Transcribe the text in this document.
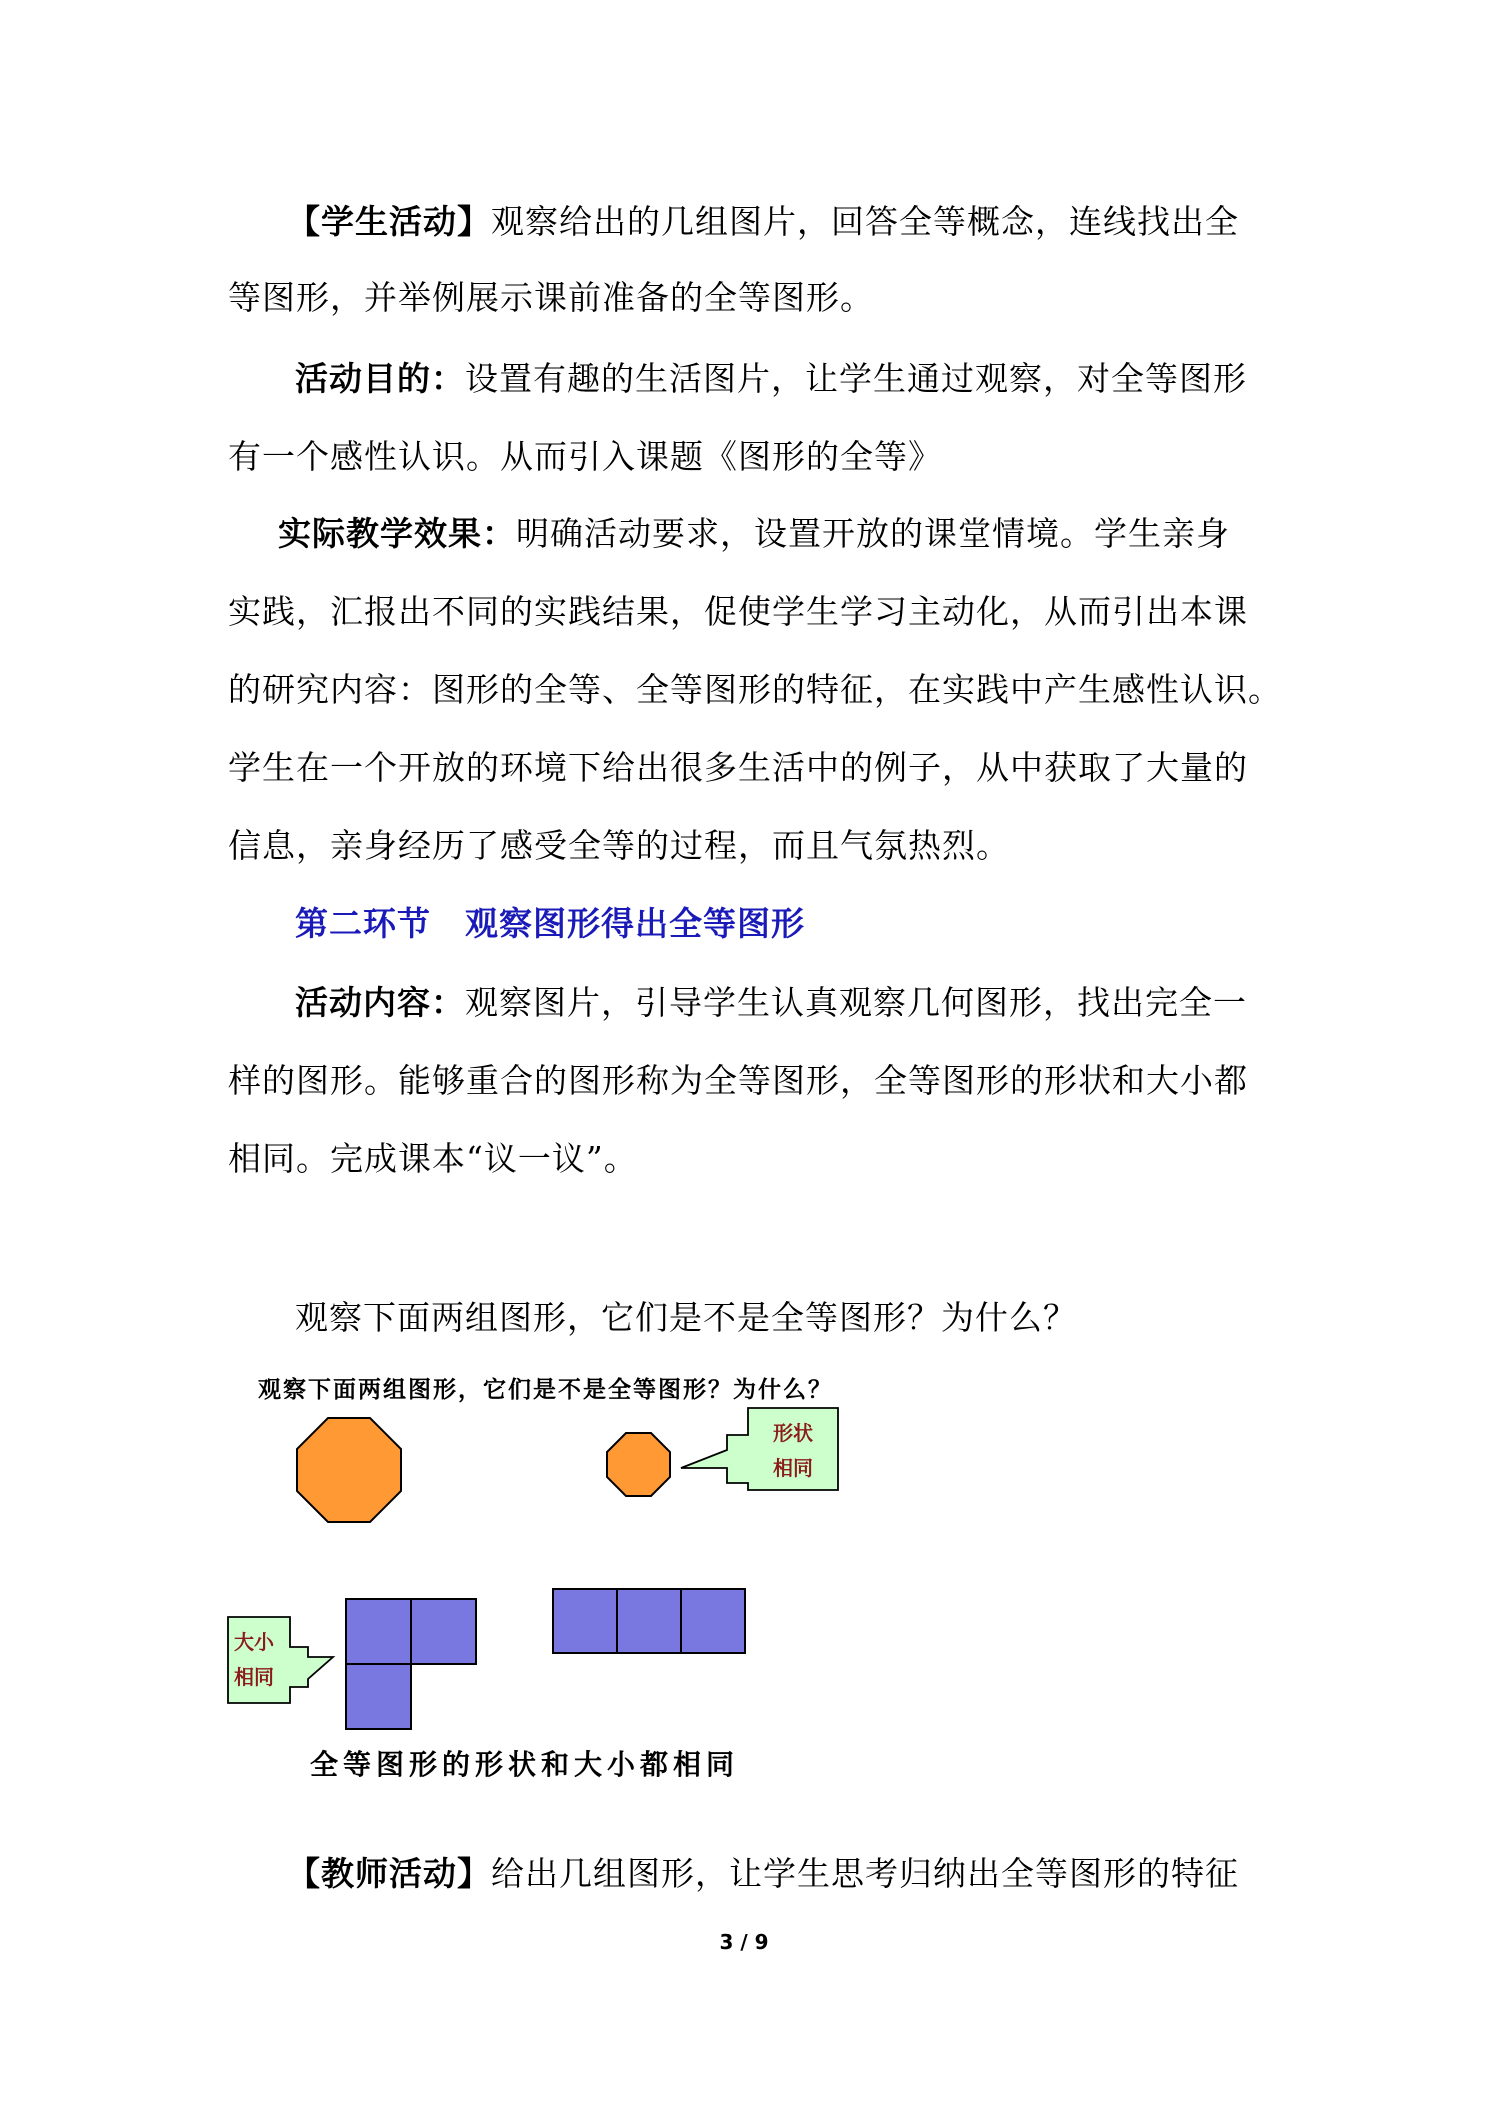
【学生活动】观察给出的几组图片，回答全等概念，连线找出全
等图形，并举例展示课前准备的全等图形。
活动目的：设置有趣的生活图片，让学生通过观察，对全等图形
有一个感性认识。从而引入课题《图形的全等》
实际教学效果：明确活动要求，设置开放的课堂情境。学生亲身
实践，汇报出不同的实践结果，促使学生学习主动化，从而引出本课
的研究内容：图形的全等、全等图形的特征，在实践中产生感性认识。
学生在一个开放的环境下给出很多生活中的例子，从中获取了大量的
信息，亲身经历了感受全等的过程，而且气氛热烈。
第二环节　观察图形得出全等图形
活动内容：观察图片，引导学生认真观察几何图形，找出完全一
样的图形。能够重合的图形称为全等图形，全等图形的形状和大小都
相同。完成课本“议一议”。
观察下面两组图形，它们是不是全等图形？为什么？
观察下面两组图形，它们是不是全等图形？为什么？
形状
相同
大小
相同
全等图形的形状和大小都相同
【教师活动】给出几组图形，让学生思考归纳出全等图形的特征
3 / 9
